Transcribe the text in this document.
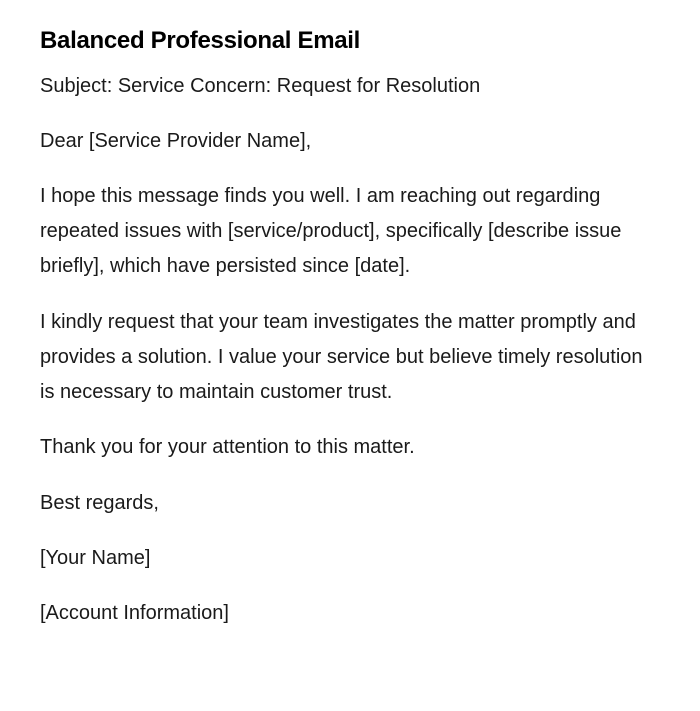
Balanced Professional Email

Subject: Service Concern: Request for Resolution

Dear [Service Provider Name],

I hope this message finds you well. I am reaching out regarding repeated issues with [service/product], specifically [describe issue briefly], which have persisted since [date].

I kindly request that your team investigates the matter promptly and provides a solution. I value your service but believe timely resolution is necessary to maintain customer trust.

Thank you for your attention to this matter.

Best regards,

[Your Name]

[Account Information]
